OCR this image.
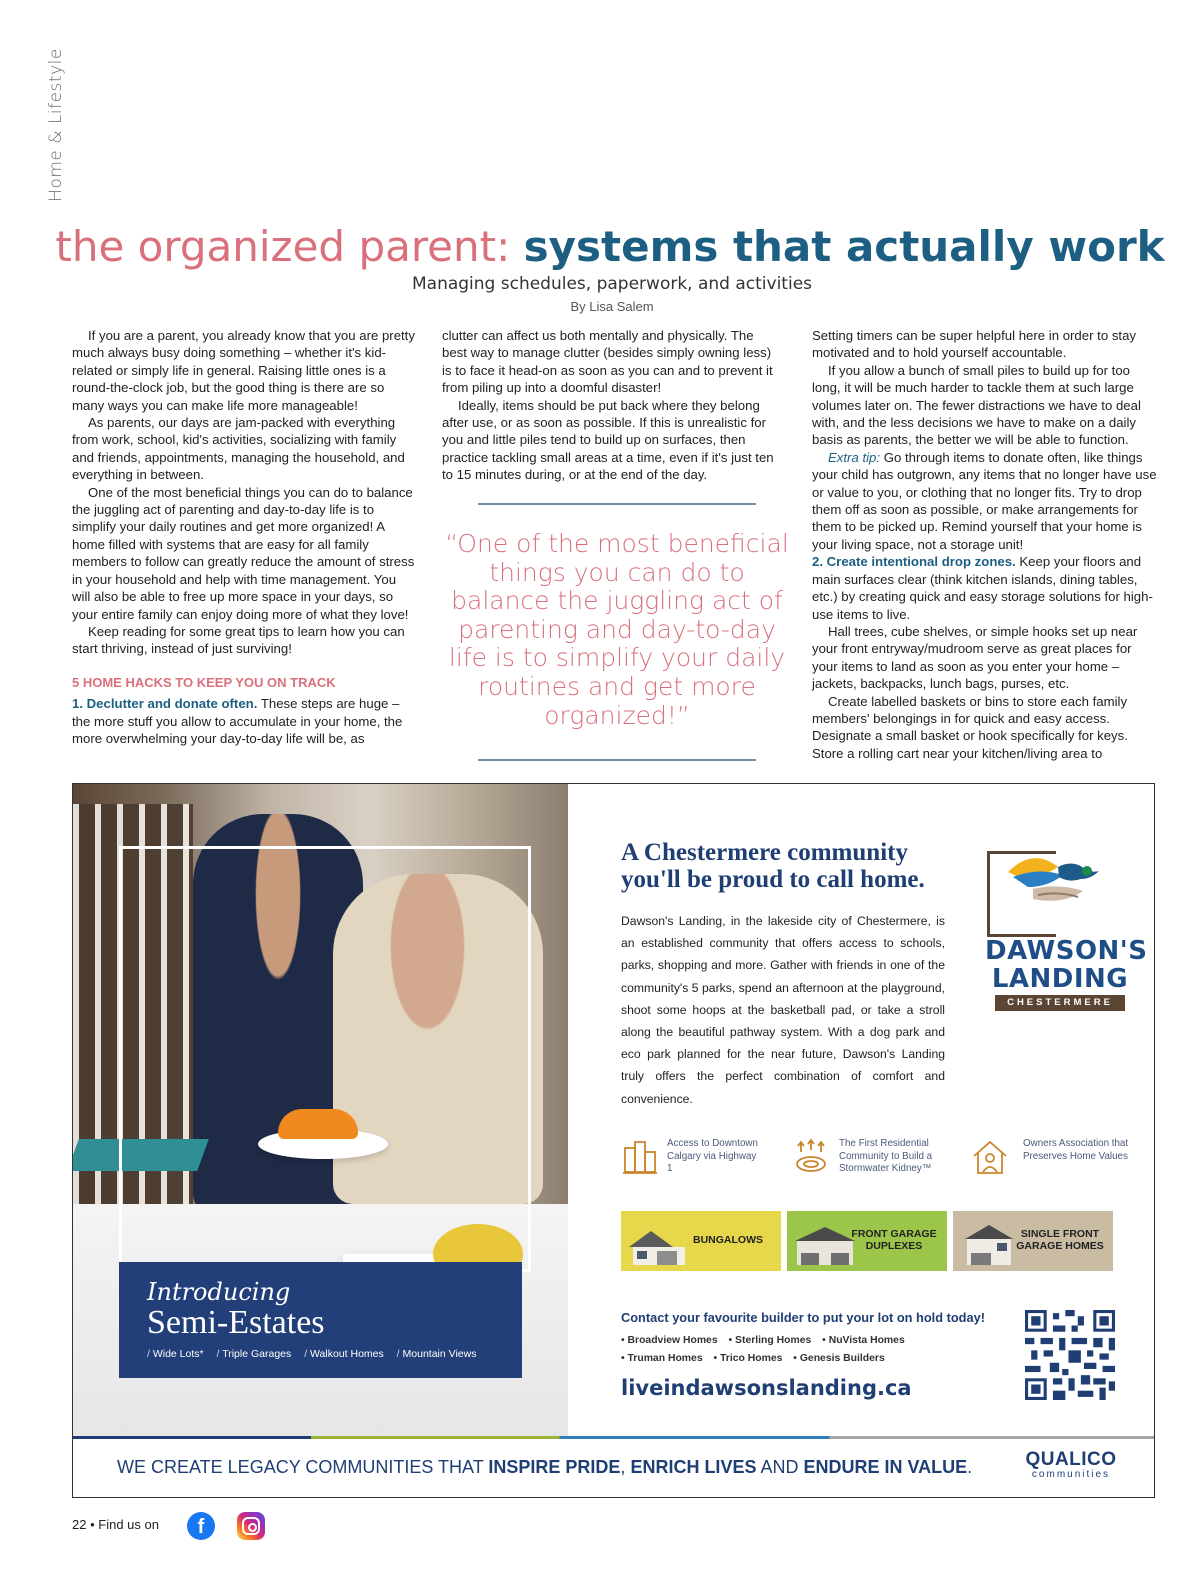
Home & Lifestyle
the organized parent: systems that actually work
Managing schedules, paperwork, and activities
By Lisa Salem

If you are a parent, you already know that you are pretty much always busy doing something – whether it's kid-related or simply life in general. Raising little ones is a round-the-clock job, but the good thing is there are so many ways you can make life more manageable!

As parents, our days are jam-packed with everything from work, school, kid's activities, socializing with family and friends, appointments, managing the household, and everything in between.

One of the most beneficial things you can do to balance the juggling act of parenting and day-to-day life is to simplify your daily routines and get more organized! A home filled with systems that are easy for all family members to follow can greatly reduce the amount of stress in your household and help with time management. You will also be able to free up more space in your days, so your entire family can enjoy doing more of what they love!

Keep reading for some great tips to learn how you can start thriving, instead of just surviving!

5 HOME HACKS TO KEEP YOU ON TRACK

1. Declutter and donate often. These steps are huge – the more stuff you allow to accumulate in your home, the more overwhelming your day-to-day life will be, as

clutter can affect us both mentally and physically. The best way to manage clutter (besides simply owning less) is to face it head-on as soon as you can and to prevent it from piling up into a doomful disaster!

Ideally, items should be put back where they belong after use, or as soon as possible. If this is unrealistic for you and little piles tend to build up on surfaces, then practice tackling small areas at a time, even if it's just ten to 15 minutes during, or at the end of the day.

“One of the most beneficial things you can do to balance the juggling act of parenting and day-to-day life is to simplify your daily routines and get more organized!”

Setting timers can be super helpful here in order to stay motivated and to hold yourself accountable.

If you allow a bunch of small piles to build up for too long, it will be much harder to tackle them at such large volumes later on. The fewer distractions we have to deal with, and the less decisions we have to make on a daily basis as parents, the better we will be able to function.

Extra tip: Go through items to donate often, like things your child has outgrown, any items that no longer have use or value to you, or clothing that no longer fits. Try to drop them off as soon as possible, or make arrangements for them to be picked up. Remind yourself that your home is your living space, not a storage unit!

2. Create intentional drop zones. Keep your floors and main surfaces clear (think kitchen islands, dining tables, etc.) by creating quick and easy storage solutions for high-use items to live.

Hall trees, cube shelves, or simple hooks set up near your front entryway/mudroom serve as great places for your items to land as soon as you enter your home – jackets, backpacks, lunch bags, purses, etc.

Create labelled baskets or bins to store each family members' belongings in for quick and easy access. Designate a small basket or hook specifically for keys. Store a rolling cart near your kitchen/living area to

Introducing
Semi-Estates
/ Wide Lots* / Triple Garages / Walkout Homes / Mountain Views
A Chestermere community you'll be proud to call home.
Dawson's Landing, in the lakeside city of Chestermere, is an established community that offers access to schools, parks, shopping and more. Gather with friends in one of the community's 5 parks, spend an afternoon at the playground, shoot some hoops at the basketball pad, or take a stroll along the beautiful pathway system. With a dog park and eco park planned for the near future, Dawson's Landing truly offers the perfect combination of comfort and convenience.
DAWSON'S LANDING
CHESTERMERE
Access to Downtown Calgary via Highway 1
The First Residential Community to Build a Stormwater Kidney™
Owners Association that Preserves Home Values
BUNGALOWS	FRONT GARAGE DUPLEXES
SINGLE FRONT GARAGE HOMES
Contact your favourite builder to put your lot on hold today!
• Broadview Homes • Sterling Homes • NuVista Homes
• Truman Homes • Trico Homes • Genesis Builders
liveindawsonslanding.ca
WE CREATE LEGACY COMMUNITIES THAT INSPIRE PRIDE, ENRICH LIVES AND ENDURE IN VALUE.	QUALICO
communities
22 • Find us on	f
